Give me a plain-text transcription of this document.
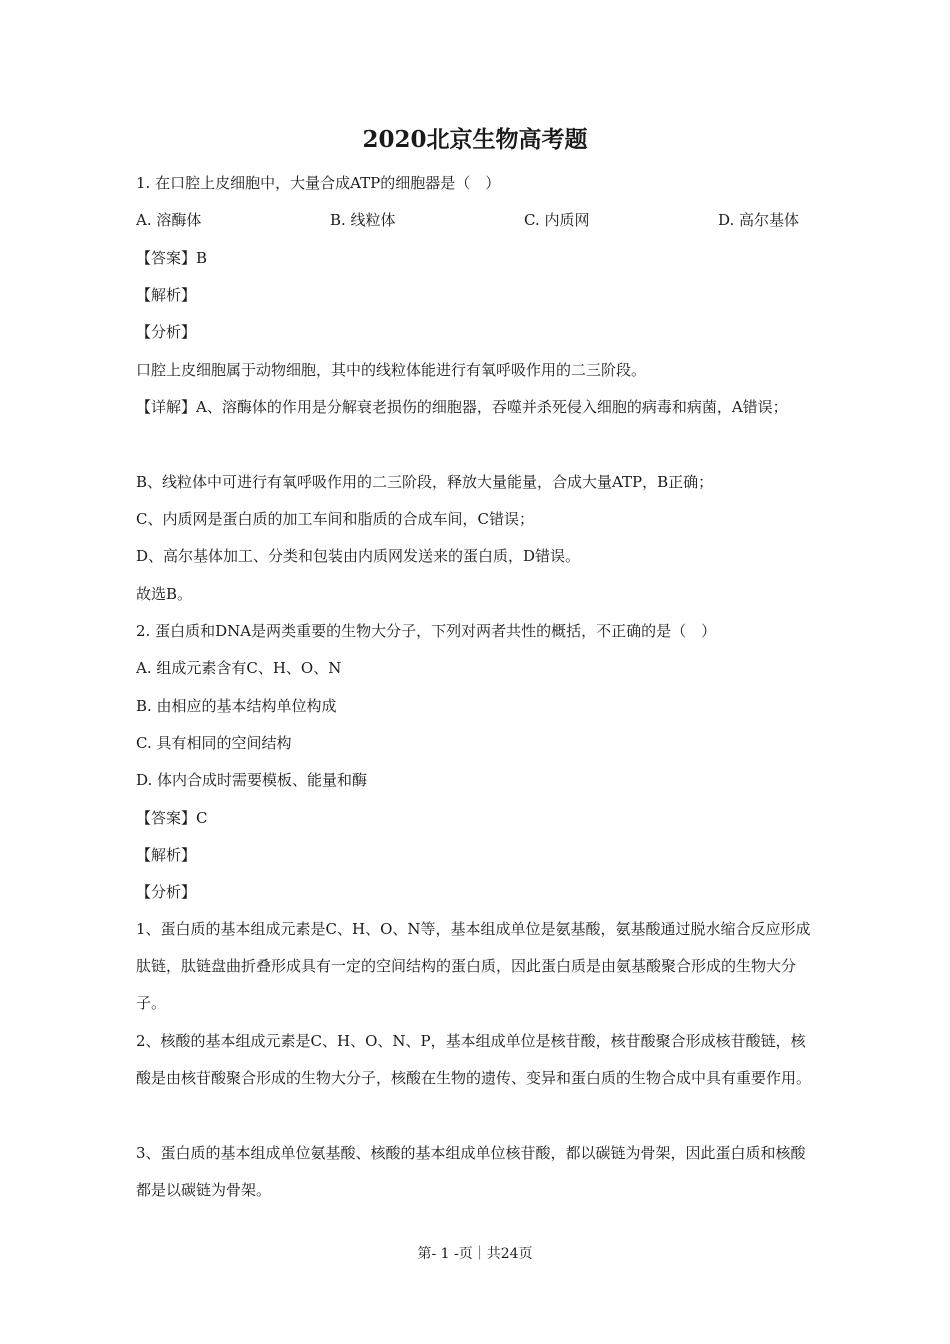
2020北京生物高考题
1. 在口腔上皮细胞中，大量合成ATP的细胞器是（　）
A. 溶酶体	B. 线粒体	C. 内质网	D. 高尔基体
【答案】B
【解析】
【分析】
口腔上皮细胞属于动物细胞，其中的线粒体能进行有氧呼吸作用的二三阶段。
【详解】A、溶酶体的作用是分解衰老损伤的细胞器，吞噬并杀死侵入细胞的病毒和病菌，A错误；
B、线粒体中可进行有氧呼吸作用的二三阶段，释放大量能量，合成大量ATP，B正确；
C、内质网是蛋白质的加工车间和脂质的合成车间，C错误；
D、高尔基体加工、分类和包装由内质网发送来的蛋白质，D错误。
故选B。
2. 蛋白质和DNA是两类重要的生物大分子，下列对两者共性的概括，不正确的是（　）
A. 组成元素含有C、H、O、N
B. 由相应的基本结构单位构成
C. 具有相同的空间结构
D. 体内合成时需要模板、能量和酶
【答案】C
【解析】
【分析】
1、蛋白质的基本组成元素是C、H、O、N等，基本组成单位是氨基酸，氨基酸通过脱水缩合反应形成肽链，肽链盘曲折叠形成具有一定的空间结构的蛋白质，因此蛋白质是由氨基酸聚合形成的生物大分子。
2、核酸的基本组成元素是C、H、O、N、P，基本组成单位是核苷酸，核苷酸聚合形成核苷酸链，核酸是由核苷酸聚合形成的生物大分子，核酸在生物的遗传、变异和蛋白质的生物合成中具有重要作用。
3、蛋白质的基本组成单位氨基酸、核酸的基本组成单位核苷酸，都以碳链为骨架，因此蛋白质和核酸都是以碳链为骨架。
第- 1 -页｜共24页
